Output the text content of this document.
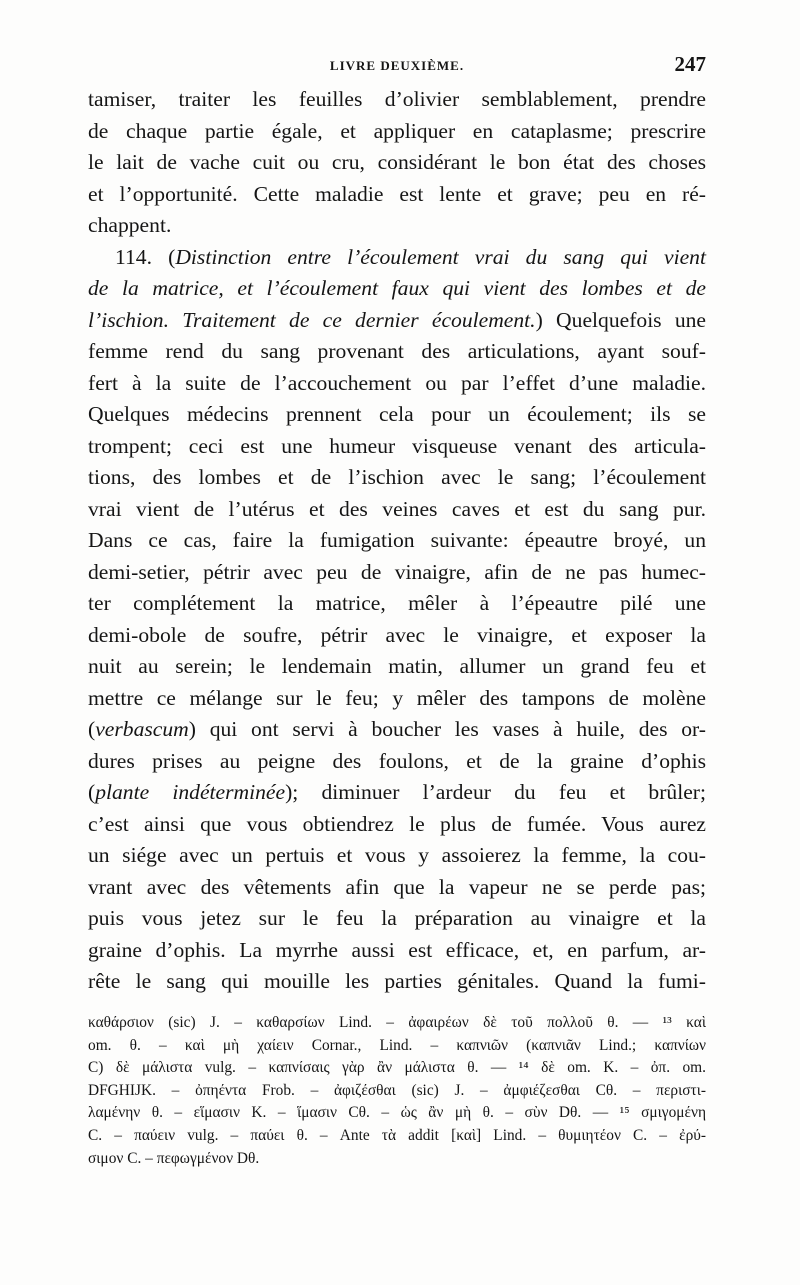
LIVRE DEUXIÈME.	247
tamiser, traiter les feuilles d’olivier semblablement, prendre
de chaque partie égale, et appliquer en cataplasme; prescrire
le lait de vache cuit ou cru, considérant le bon état des choses
et l’opportunité. Cette maladie est lente et grave; peu en ré-
chappent.
114. (Distinction entre l’écoulement vrai du sang qui vient
de la matrice, et l’écoulement faux qui vient des lombes et de
l’ischion. Traitement de ce dernier écoulement.) Quelquefois une
femme rend du sang provenant des articulations, ayant souf-
fert à la suite de l’accouchement ou par l’effet d’une maladie.
Quelques médecins prennent cela pour un écoulement; ils se
trompent; ceci est une humeur visqueuse venant des articula-
tions, des lombes et de l’ischion avec le sang; l’écoulement
vrai vient de l’utérus et des veines caves et est du sang pur.
Dans ce cas, faire la fumigation suivante: épeautre broyé, un
demi-setier, pétrir avec peu de vinaigre, afin de ne pas humec-
ter complétement la matrice, mêler à l’épeautre pilé une
demi-obole de soufre, pétrir avec le vinaigre, et exposer la
nuit au serein; le lendemain matin, allumer un grand feu et
mettre ce mélange sur le feu; y mêler des tampons de molène
(verbascum) qui ont servi à boucher les vases à huile, des or-
dures prises au peigne des foulons, et de la graine d’ophis
(plante indéterminée); diminuer l’ardeur du feu et brûler;
c’est ainsi que vous obtiendrez le plus de fumée. Vous aurez
un siége avec un pertuis et vous y assoierez la femme, la cou-
vrant avec des vêtements afin que la vapeur ne se perde pas;
puis vous jetez sur le feu la préparation au vinaigre et la
graine d’ophis. La myrrhe aussi est efficace, et, en parfum, ar-
rête le sang qui mouille les parties génitales. Quand la fumi-
καθάρσιον (sic) J. – καθαρσίων Lind. – ἀφαιρέων δὲ τοῦ πολλοῦ θ. — ¹³ καὶ
om. θ. – καὶ μὴ χαίειν Cornar., Lind. – καπνιῶν (καπνιᾶν Lind.; καπνίων
C) δὲ μάλιστα vulg. – καπνίσαις γὰρ ἂν μάλιστα θ. — ¹⁴ δὲ om. K. – ὀπ. om.
DFGHIJK. – ὀπηέντα Frob. – ἀφιζέσθαι (sic) J. – ἀμφιέζεσθαι Cθ. – περιστι-
λαμένην θ. – εἵμασιν K. – ἵμασιν Cθ. – ὡς ἂν μὴ θ. – σὺν Dθ. — ¹⁵ σμιγομένη
C. – παύειν vulg. – παύει θ. – Ante τὰ addit [καὶ] Lind. – θυμιητέον C. – ἐρύ-
σιμον C. – πεφωγμένον Dθ.
